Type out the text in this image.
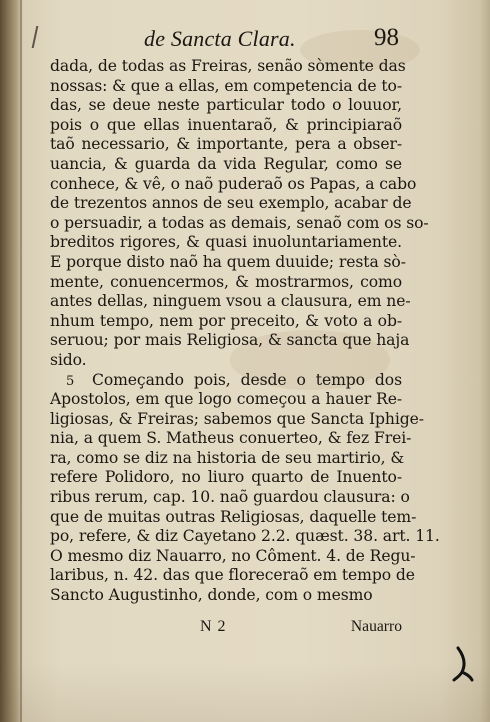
de Sancta Clara.	98
dada, de todas as Freiras, senão sòmente das
nossas: & que a ellas, em competencia de to-
das, se deue neste particular todo o louuor,
pois o que ellas inuentaraõ, & principiaraõ
taõ necessario, & importante, pera a obser-
uancia, & guarda da vida Regular, como se
conhece, & vê, o naõ puderaõ os Papas, a cabo
de trezentos annos de seu exemplo, acabar de
o persuadir, a todas as demais, senaõ com os so-
breditos rigores, & quasi inuoluntariamente.
E porque disto naõ ha quem duuide; resta sò-
mente, conuencermos, & mostrarmos, como
antes dellas, ninguem vsou a clausura, em ne-
nhum tempo, nem por preceito, & voto a ob-
seruou; por mais Religiosa, & sancta que haja
sido.
5 Começando pois, desde o tempo dos
Apostolos, em que logo começou a hauer Re-
ligiosas, & Freiras; sabemos que Sancta Iphige-
nia, a quem S. Matheus conuerteo, & fez Frei-
ra, como se diz na historia de seu martirio, &
refere Polidoro, no liuro quarto de Inuento-
ribus rerum, cap. 10. naõ guardou clausura: o
que de muitas outras Religiosas, daquelle tem-
po, refere, & diz Cayetano 2.2. quæst. 38. art. 11.
O mesmo diz Nauarro, no Côment. 4. de Regu-
laribus, n. 42. das que floreceraõ em tempo de
Sancto Augustinho, donde, com o mesmo
N 2	Nauarro
